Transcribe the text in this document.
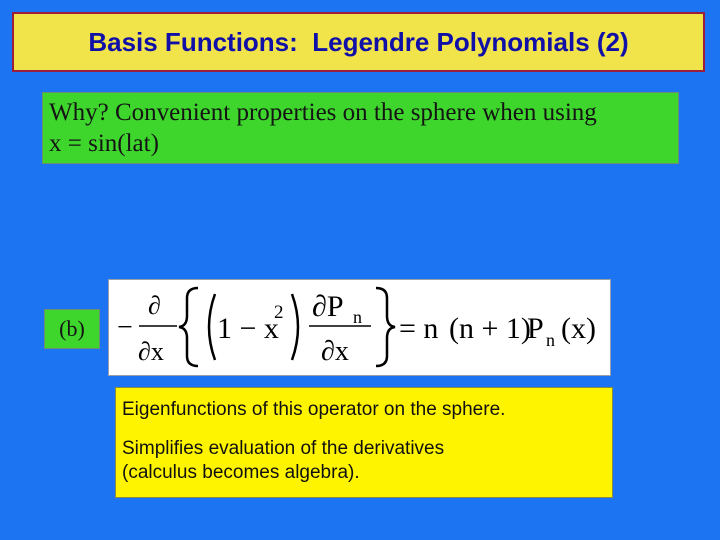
Basis Functions:  Legendre Polynomials (2)
Why? Convenient properties on the sphere when using
x = sin(lat)
(b) −
∂
∂x
1 − x
2 ∂P n
∂x
= n (n + 1)
P n (x)

Eigenfunctions of this operator on the sphere.

Simplifies evaluation of the derivatives
(calculus becomes algebra).
